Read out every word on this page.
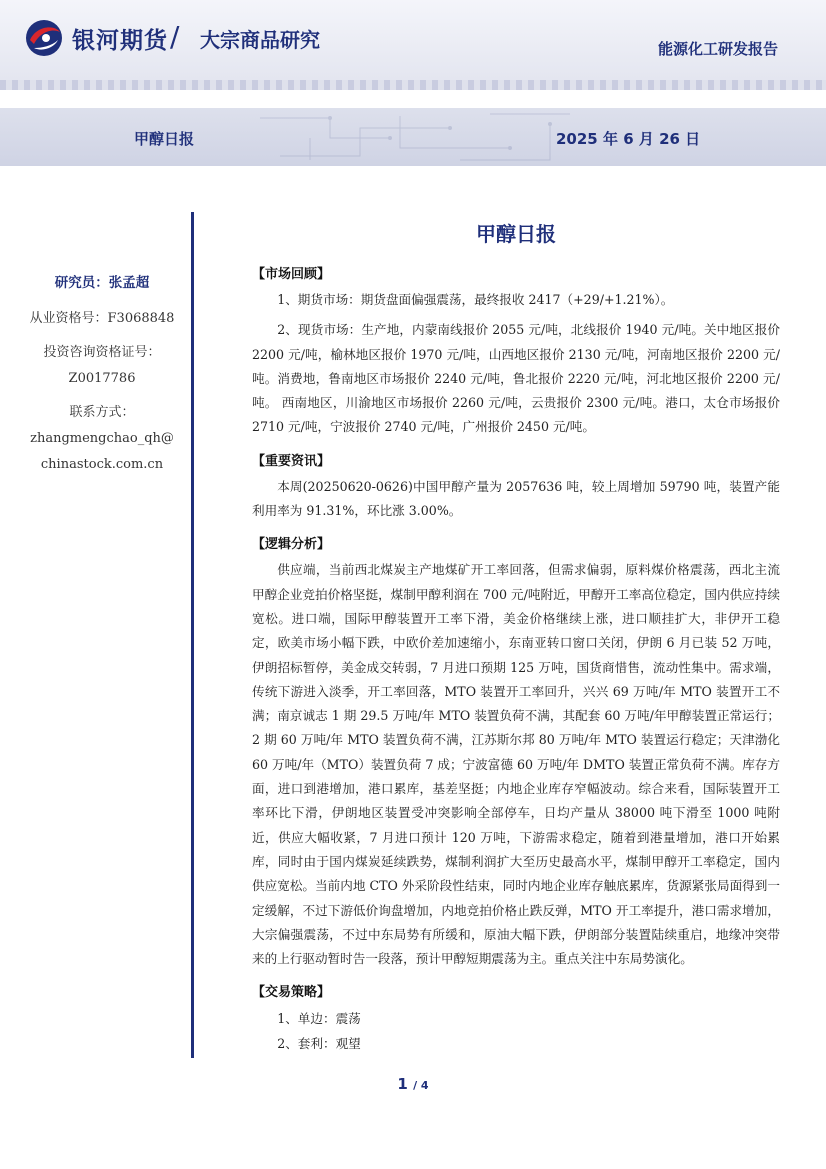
银河期货 / 大宗商品研究	能源化工研发报告
甲醇日报	2025 年 6 月 26 日
研究员：张孟超
从业资格号：F3068848
投资咨询资格证号：
Z0017786
联系方式：
zhangmengchao_qh@
chinastock.com.cn
甲醇日报
【市场回顾】
1、期货市场：期货盘面偏强震荡，最终报收 2417（+29/+1.21%）。
2、现货市场：生产地，内蒙南线报价 2055 元/吨，北线报价 1940 元/吨。关中地区报价 2200 元/吨，榆林地区报价 1970 元/吨，山西地区报价 2130 元/吨，河南地区报价 2200 元/吨。消费地，鲁南地区市场报价 2240 元/吨，鲁北报价 2220 元/吨，河北地区报价 2200 元/吨。 西南地区，川渝地区市场报价 2260 元/吨，云贵报价 2300 元/吨。港口，太仓市场报价 2710 元/吨，宁波报价 2740 元/吨，广州报价 2450 元/吨。
【重要资讯】
本周(20250620-0626)中国甲醇产量为 2057636 吨，较上周增加 59790 吨，装置产能利用率为 91.31%，环比涨 3.00%。
【逻辑分析】
供应端，当前西北煤炭主产地煤矿开工率回落，但需求偏弱，原料煤价格震荡，西北主流甲醇企业竞拍价格坚挺，煤制甲醇利润在 700 元/吨附近，甲醇开工率高位稳定，国内供应持续宽松。进口端，国际甲醇装置开工率下滑，美金价格继续上涨，进口顺挂扩大，非伊开工稳定，欧美市场小幅下跌，中欧价差加速缩小，东南亚转口窗口关闭，伊朗 6 月已装 52 万吨，伊朗招标暂停，美金成交转弱，7 月进口预期 125 万吨，国货商惜售，流动性集中。需求端，传统下游进入淡季，开工率回落，MTO 装置开工率回升，兴兴 69 万吨/年 MTO 装置开工不满；南京诚志 1 期 29.5 万吨/年 MTO 装置负荷不满，其配套 60 万吨/年甲醇装置正常运行；2 期 60 万吨/年 MTO 装置负荷不满，江苏斯尔邦 80 万吨/年 MTO 装置运行稳定；天津渤化 60 万吨/年（MTO）装置负荷 7 成；宁波富德 60 万吨/年 DMTO 装置正常负荷不满。库存方面，进口到港增加，港口累库，基差坚挺；内地企业库存窄幅波动。综合来看，国际装置开工率环比下滑，伊朗地区装置受冲突影响全部停车，日均产量从 38000 吨下滑至 1000 吨附近，供应大幅收紧，7 月进口预计 120 万吨，下游需求稳定，随着到港量增加，港口开始累库，同时由于国内煤炭延续跌势，煤制利润扩大至历史最高水平，煤制甲醇开工率稳定，国内供应宽松。当前内地 CTO 外采阶段性结束，同时内地企业库存触底累库，货源紧张局面得到一定缓解，不过下游低价询盘增加，内地竞拍价格止跌反弹，MTO 开工率提升，港口需求增加，大宗偏强震荡，不过中东局势有所缓和，原油大幅下跌，伊朗部分装置陆续重启，地缘冲突带来的上行驱动暂时告一段落，预计甲醇短期震荡为主。重点关注中东局势演化。
【交易策略】
1、单边：震荡
2、套利：观望
1 / 4
